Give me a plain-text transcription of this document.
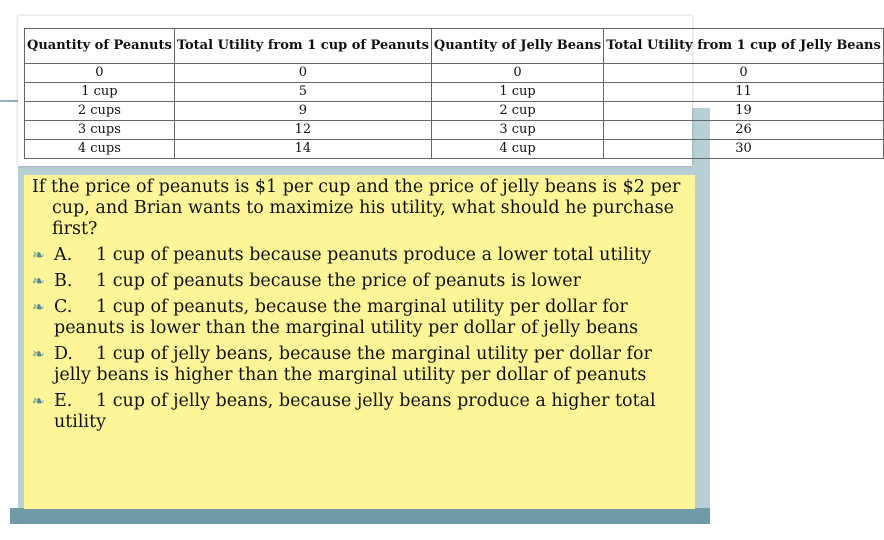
Quantity of Peanuts	Total Utility from 1 cup of Peanuts	Quantity of Jelly Beans	Total Utility from 1 cup of Jelly Beans
0	0	0	0
1 cup	5	1 cup	11
2 cups	9	2 cup	19
3 cups	12	3 cup	26
4 cups	14	4 cup	30

If the price of peanuts is $1 per cup and the price of jelly beans is $2 per cup, and Brian wants to maximize his utility, what should he purchase first?

❧ A. 1 cup of peanuts because peanuts produce a lower total utility
❧ B. 1 cup of peanuts because the price of peanuts is lower
❧ C. 1 cup of peanuts, because the marginal utility per dollar for peanuts is lower than the marginal utility per dollar of jelly beans
❧ D. 1 cup of jelly beans, because the marginal utility per dollar for jelly beans is higher than the marginal utility per dollar of peanuts
❧ E. 1 cup of jelly beans, because jelly beans produce a higher total utility
